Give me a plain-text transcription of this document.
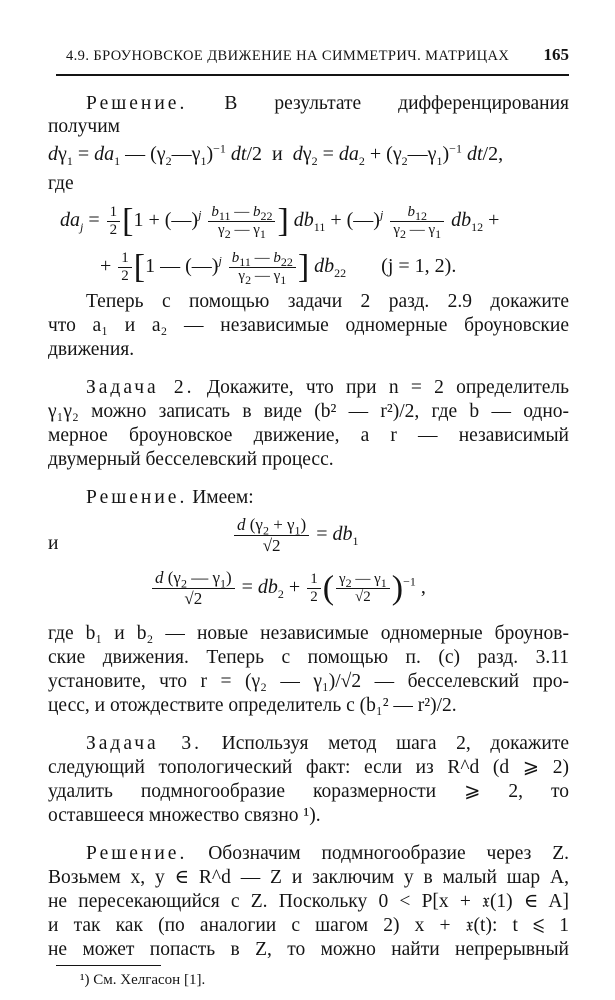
4.9. БРОУНОВСКОЕ ДВИЖЕНИЕ НА СИММЕТРИЧ. МАТРИЦАХ 165
Решение. В результате дифференцирования
получим
$d\gamma_1 = da_1$ — $(\gamma_2—\gamma_1)^{-1}$ dt/2  и $d\gamma_2 = da_2$ + $(\gamma_2—\gamma_1)^{-1}$ dt/2,
где
$da_j = \frac{1}{2} [1$ + (—)$^j$ $\frac{b_{11} — b_{22}}{\gamma_2 — \gamma_1}$ ] $db_{11}$ + (—)$^j$ $\frac{b_{12}}{\gamma_2 — \gamma_1} db_{12}$ +
+ $\frac{1}{2} [1$ — (—)$^j$ $\frac{b_{11} — b_{22}}{\gamma_2 — \gamma_1}$ ] $db_{22}$ (j = 1, 2).
Теперь с помощью задачи 2 разд. 2.9 докажите
что a₁ и a₂ — независимые одномерные броуновские
движения.
Задача 2. Докажите, что при n = 2 определитель
γ₁γ₂ можно записать в виде (b² — r²)/2, где b — одно-
мерное броуновское движение, а r — независимый
двумерный бесселевский процесс.
Решение. Имеем:
$\frac{d (\gamma_2 + \gamma_1)}{√2} = db_1$
и
$\frac{d (\gamma_2 — \gamma_1)}{√2} = db_2 + \frac{1}{2}$ ( $\frac{\gamma_2 — \gamma_1}{√2} )^{-1}$ ,
где b₁ и b₂ — новые независимые одномерные броунов-
ские движения. Теперь с помощью п. (с) разд. 3.11
установите, что r = (γ₂ — γ₁)/√2 — бесселевский про-
цесс, и отождествите определитель с (b₁² — r²)/2.
Задача 3. Используя метод шага 2, докажите
следующий топологический факт: если из R^d (d ⩾ 2)
удалить подмногообразие коразмерности ⩾ 2, то
оставшееся множество связно ¹).
Решение. Обозначим подмногообразие через Z.
Возьмем x, y ∈ R^d — Z и заключим y в малый шар A,
не пересекающийся с Z. Поскольку 0 < P[x + 𝔵(1) ∈ A]
и так как (по аналогии с шагом 2) x + 𝔵(t): t ⩽ 1
не может попасть в Z, то можно найти непрерывный
¹) См. Хелгасон [1].
